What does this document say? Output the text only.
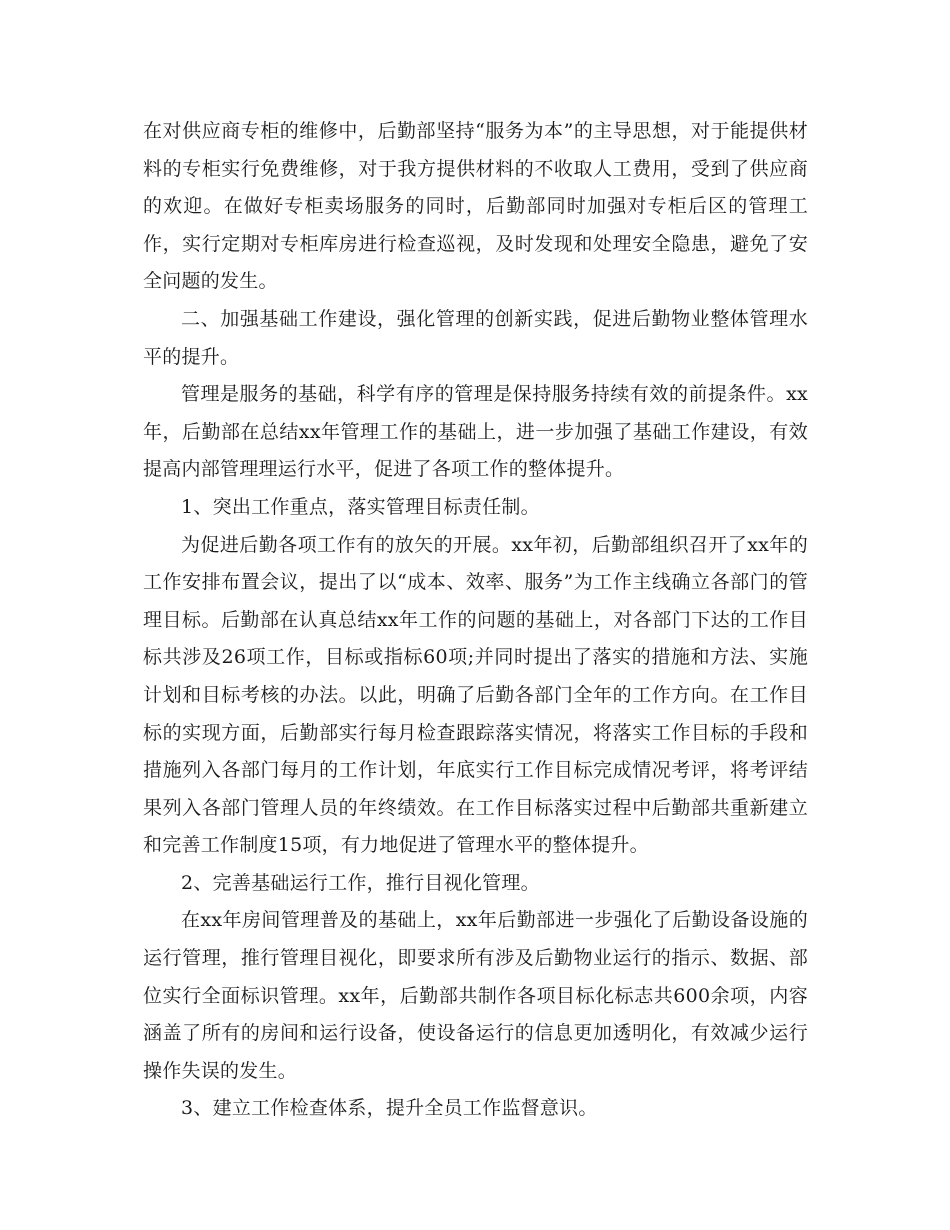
在对供应商专柜的维修中，后勤部坚持“服务为本”的主导思想，对于能提供材料的专柜实行免费维修，对于我方提供材料的不收取人工费用，受到了供应商的欢迎。在做好专柜卖场服务的同时，后勤部同时加强对专柜后区的管理工作，实行定期对专柜库房进行检查巡视，及时发现和处理安全隐患，避免了安全问题的发生。

二、加强基础工作建设，强化管理的创新实践，促进后勤物业整体管理水平的提升。

管理是服务的基础，科学有序的管理是保持服务持续有效的前提条件。xx年，后勤部在总结xx年管理工作的基础上，进一步加强了基础工作建设，有效提高内部管理理运行水平，促进了各项工作的整体提升。

1、突出工作重点，落实管理目标责任制。

为促进后勤各项工作有的放矢的开展。xx年初，后勤部组织召开了xx年的工作安排布置会议，提出了以“成本、效率、服务”为工作主线确立各部门的管理目标。后勤部在认真总结xx年工作的问题的基础上，对各部门下达的工作目标共涉及26项工作，目标或指标60项;并同时提出了落实的措施和方法、实施计划和目标考核的办法。以此，明确了后勤各部门全年的工作方向。在工作目标的实现方面，后勤部实行每月检查跟踪落实情况，将落实工作目标的手段和措施列入各部门每月的工作计划，年底实行工作目标完成情况考评，将考评结果列入各部门管理人员的年终绩效。在工作目标落实过程中后勤部共重新建立和完善工作制度15项，有力地促进了管理水平的整体提升。

2、完善基础运行工作，推行目视化管理。

在xx年房间管理普及的基础上，xx年后勤部进一步强化了后勤设备设施的运行管理，推行管理目视化，即要求所有涉及后勤物业运行的指示、数据、部位实行全面标识管理。xx年，后勤部共制作各项目标化标志共600余项，内容涵盖了所有的房间和运行设备，使设备运行的信息更加透明化，有效减少运行操作失误的发生。

3、建立工作检查体系，提升全员工作监督意识。
